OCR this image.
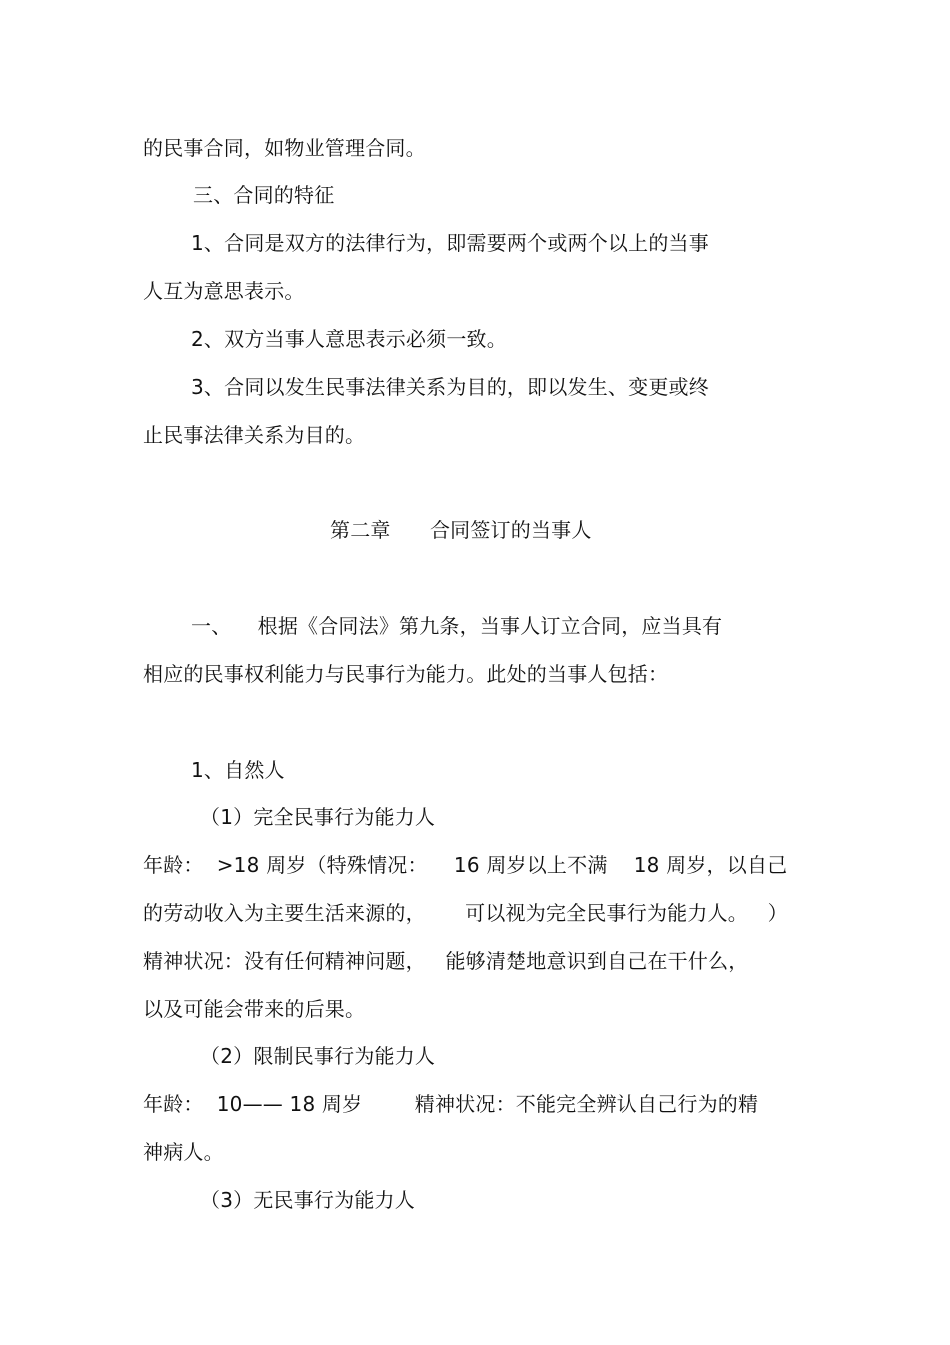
的民事合同，如物业管理合同。
三、合同的特征
1、合同是双方的法律行为，即需要两个或两个以上的当事
人互为意思表示。
2、双方当事人意思表示必须一致。
3、合同以发生民事法律关系为目的，即以发生、变更或终
止民事法律关系为目的。
第二章      合同签订的当事人
一、    根据《合同法》第九条，当事人订立合同，应当具有
相应的民事权利能力与民事行为能力。此处的当事人包括：
1、自然人
（1）完全民事行为能力人
年龄：  >18 周岁（特殊情况：    16 周岁以上不满    18 周岁，以自己
的劳动收入为主要生活来源的，      可以视为完全民事行为能力人。   ）
精神状况：没有任何精神问题，   能够清楚地意识到自己在干什么，
以及可能会带来的后果。
（2）限制民事行为能力人
年龄：  10—— 18 周岁        精神状况：不能完全辨认自己行为的精
神病人。
（3）无民事行为能力人
